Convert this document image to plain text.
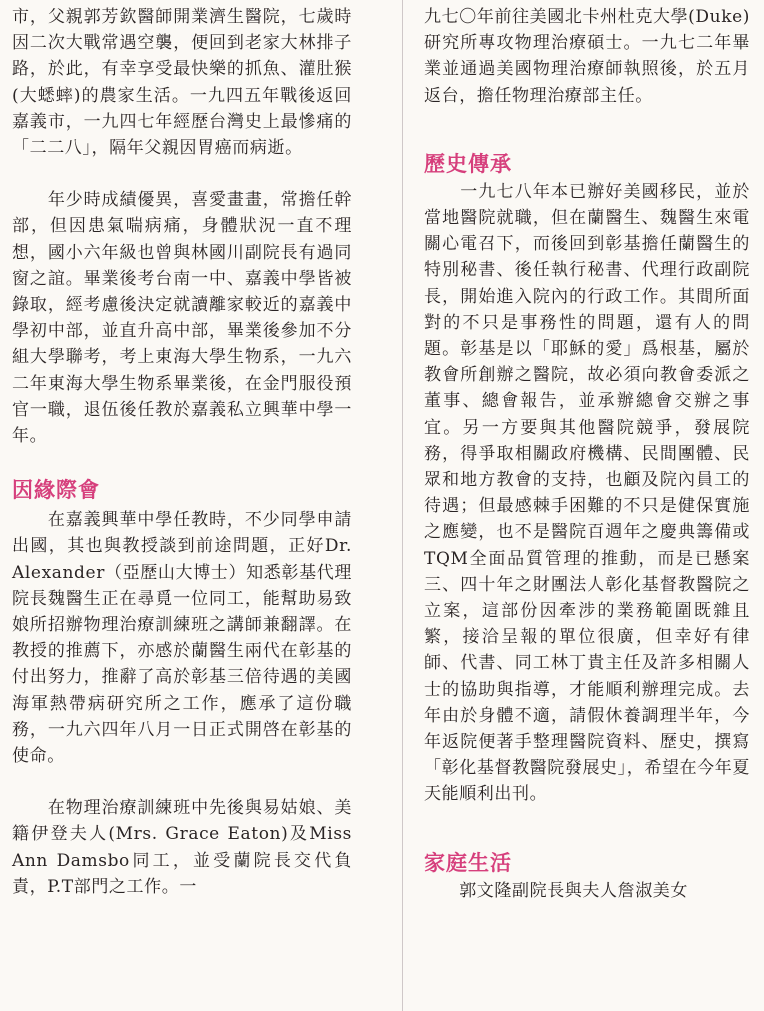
市，父親郭芳欽醫師開業濟生醫院，七歲時因二次大戰常遇空襲，便回到老家大林排子路，於此，有幸享受最快樂的抓魚、灌肚猴(大蟋蟀)的農家生活。一九四五年戰後返回嘉義市，一九四七年經歷台灣史上最慘痛的「二二八」，隔年父親因胃癌而病逝。

　　年少時成績優異，喜愛畫畫，常擔任幹部，但因患氣喘病痛，身體狀況一直不理想，國小六年級也曾與林國川副院長有過同窗之誼。畢業後考台南一中、嘉義中學皆被錄取，經考慮後決定就讀離家較近的嘉義中學初中部，並直升高中部，畢業後參加不分組大學聯考，考上東海大學生物系，一九六二年東海大學生物系畢業後，在金門服役預官一職，退伍後任教於嘉義私立興華中學一年。

因緣際會

　　在嘉義興華中學任教時，不少同學申請出國，其也與教授談到前途問題，正好Dr. Alexander（亞歷山大博士）知悉彰基代理院長魏醫生正在尋覓一位同工，能幫助易致娘所招辦物理治療訓練班之講師兼翻譯。在教授的推薦下，亦感於蘭醫生兩代在彰基的付出努力，推辭了高於彰基三倍待遇的美國海軍熱帶病研究所之工作，應承了這份職務，一九六四年八月一日正式開啓在彰基的使命。

　　在物理治療訓練班中先後與易姑娘、美籍伊登夫人(Mrs. Grace Eaton)及Miss Ann Damsbo同工，並受蘭院長交代負責，P.T部門之工作。一

九七〇年前往美國北卡州杜克大學(Duke)研究所專攻物理治療碩士。一九七二年畢業並通過美國物理治療師執照後，於五月返台，擔任物理治療部主任。

歷史傳承

　　一九七八年本已辦好美國移民，並於當地醫院就職，但在蘭醫生、魏醫生來電關心電召下，而後回到彰基擔任蘭醫生的特別秘書、後任執行秘書、代理行政副院長，開始進入院內的行政工作。其間所面對的不只是事務性的問題，還有人的問題。彰基是以「耶穌的愛」爲根基，屬於教會所創辦之醫院，故必須向教會委派之董事、總會報告，並承辦總會交辦之事宜。另一方要與其他醫院競爭，發展院務，得爭取相關政府機構、民間團體、民眾和地方教會的支持，也顧及院內員工的待遇；但最感棘手困難的不只是健保實施之應變，也不是醫院百週年之慶典籌備或TQM全面品質管理的推動，而是已懸案三、四十年之財團法人彰化基督教醫院之立案，這部份因牽涉的業務範圍既雜且繁，接洽呈報的單位很廣，但幸好有律師、代書、同工林丁貴主任及許多相關人士的協助與指導，才能順利辦理完成。去年由於身體不適，請假休養調理半年，今年返院便著手整理醫院資料、歷史，撰寫「彰化基督教醫院發展史」，希望在今年夏天能順利出刊。

家庭生活

　　郭文隆副院長與夫人詹淑美女
